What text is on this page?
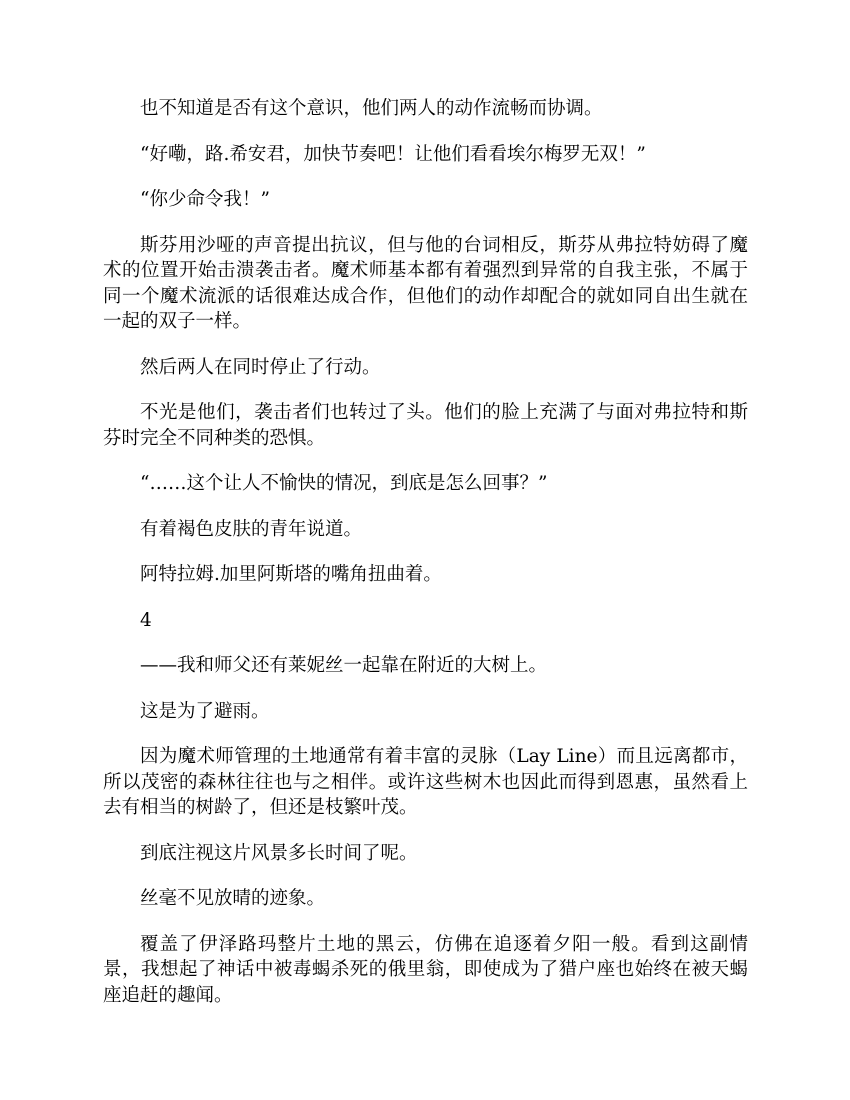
也不知道是否有这个意识，他们两人的动作流畅而协调。

“好嘞，路.希安君，加快节奏吧！让他们看看埃尔梅罗无双！”

“你少命令我！”

斯芬用沙哑的声音提出抗议，但与他的台词相反，斯芬从弗拉特妨碍了魔术的位置开始击溃袭击者。魔术师基本都有着强烈到异常的自我主张，不属于同一个魔术流派的话很难达成合作，但他们的动作却配合的就如同自出生就在一起的双子一样。

然后两人在同时停止了行动。

不光是他们，袭击者们也转过了头。他们的脸上充满了与面对弗拉特和斯芬时完全不同种类的恐惧。

“……这个让人不愉快的情况，到底是怎么回事？”

有着褐色皮肤的青年说道。

阿特拉姆.加里阿斯塔的嘴角扭曲着。

4

——我和师父还有莱妮丝一起靠在附近的大树上。

这是为了避雨。

因为魔术师管理的土地通常有着丰富的灵脉（Lay Line）而且远离都市，所以茂密的森林往往也与之相伴。或许这些树木也因此而得到恩惠，虽然看上去有相当的树龄了，但还是枝繁叶茂。

到底注视这片风景多长时间了呢。

丝毫不见放晴的迹象。

覆盖了伊泽路玛整片土地的黑云，仿佛在追逐着夕阳一般。看到这副情景，我想起了神话中被毒蝎杀死的俄里翁，即使成为了猎户座也始终在被天蝎座追赶的趣闻。
